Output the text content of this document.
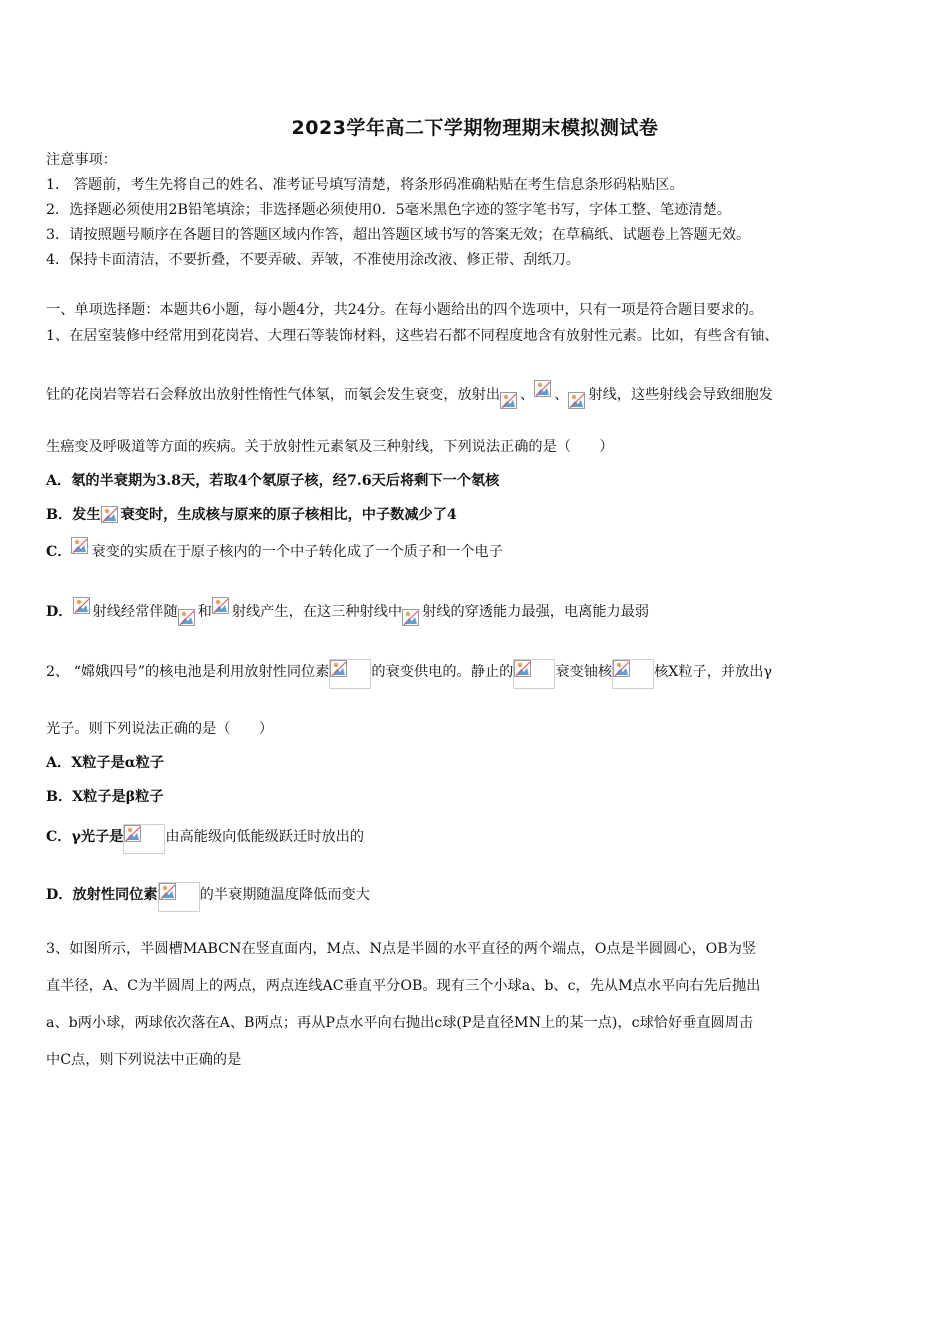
2023学年高二下学期物理期末模拟测试卷
注意事项：
1． 答题前，考生先将自己的姓名、准考证号填写清楚，将条形码准确粘贴在考生信息条形码粘贴区。
2．选择题必须使用2B铅笔填涂；非选择题必须使用0．5毫米黑色字迹的签字笔书写，字体工整、笔迹清楚。
3．请按照题号顺序在各题目的答题区域内作答，超出答题区域书写的答案无效；在草稿纸、试题卷上答题无效。
4．保持卡面清洁，不要折叠，不要弄破、弄皱，不准使用涂改液、修正带、刮纸刀。
一、单项选择题：本题共6小题，每小题4分，共24分。在每小题给出的四个选项中，只有一项是符合题目要求的。
1、在居室装修中经常用到花岗岩、大理石等装饰材料，这些岩石都不同程度地含有放射性元素。比如，有些含有铀、
钍的花岗岩等岩石会释放出放射性惰性气体氡，而氡会发生衰变，放射出 、 、 射线，这些射线会导致细胞发
生癌变及呼吸道等方面的疾病。关于放射性元素氡及三种射线，下列说法正确的是（　　）
A．氡的半衰期为3.8天，若取4个氡原子核，经7.6天后将剩下一个氡核
B．发生 衰变时，生成核与原来的原子核相比，中子数减少了4
C． 衰变的实质在于原子核内的一个中子转化成了一个质子和一个电子
D． 射线经常伴随 和 射线产生，在这三种射线中 射线的穿透能力最强，电离能力最弱
2、 “嫦娥四号”的核电池是利用放射性同位素	的衰变供电的。静止的	衰变铀核	核X粒子，并放出γ
光子。则下列说法正确的是（　　）
A．X粒子是α粒子
B．X粒子是β粒子
C．γ光子是	由高能级向低能级跃迁时放出的
D．放射性同位素	的半衰期随温度降低而变大
3、如图所示，半圆槽MABCN在竖直面内，M点、N点是半圆的水平直径的两个端点，O点是半圆圆心，OB为竖
直半径，A、C为半圆周上的两点，两点连线AC垂直平分OB。现有三个小球a、b、c，先从M点水平向右先后抛出
a、b两小球，两球依次落在A、B两点；再从P点水平向右抛出c球(P是直径MN上的某一点)，c球恰好垂直圆周击
中C点，则下列说法中正确的是
